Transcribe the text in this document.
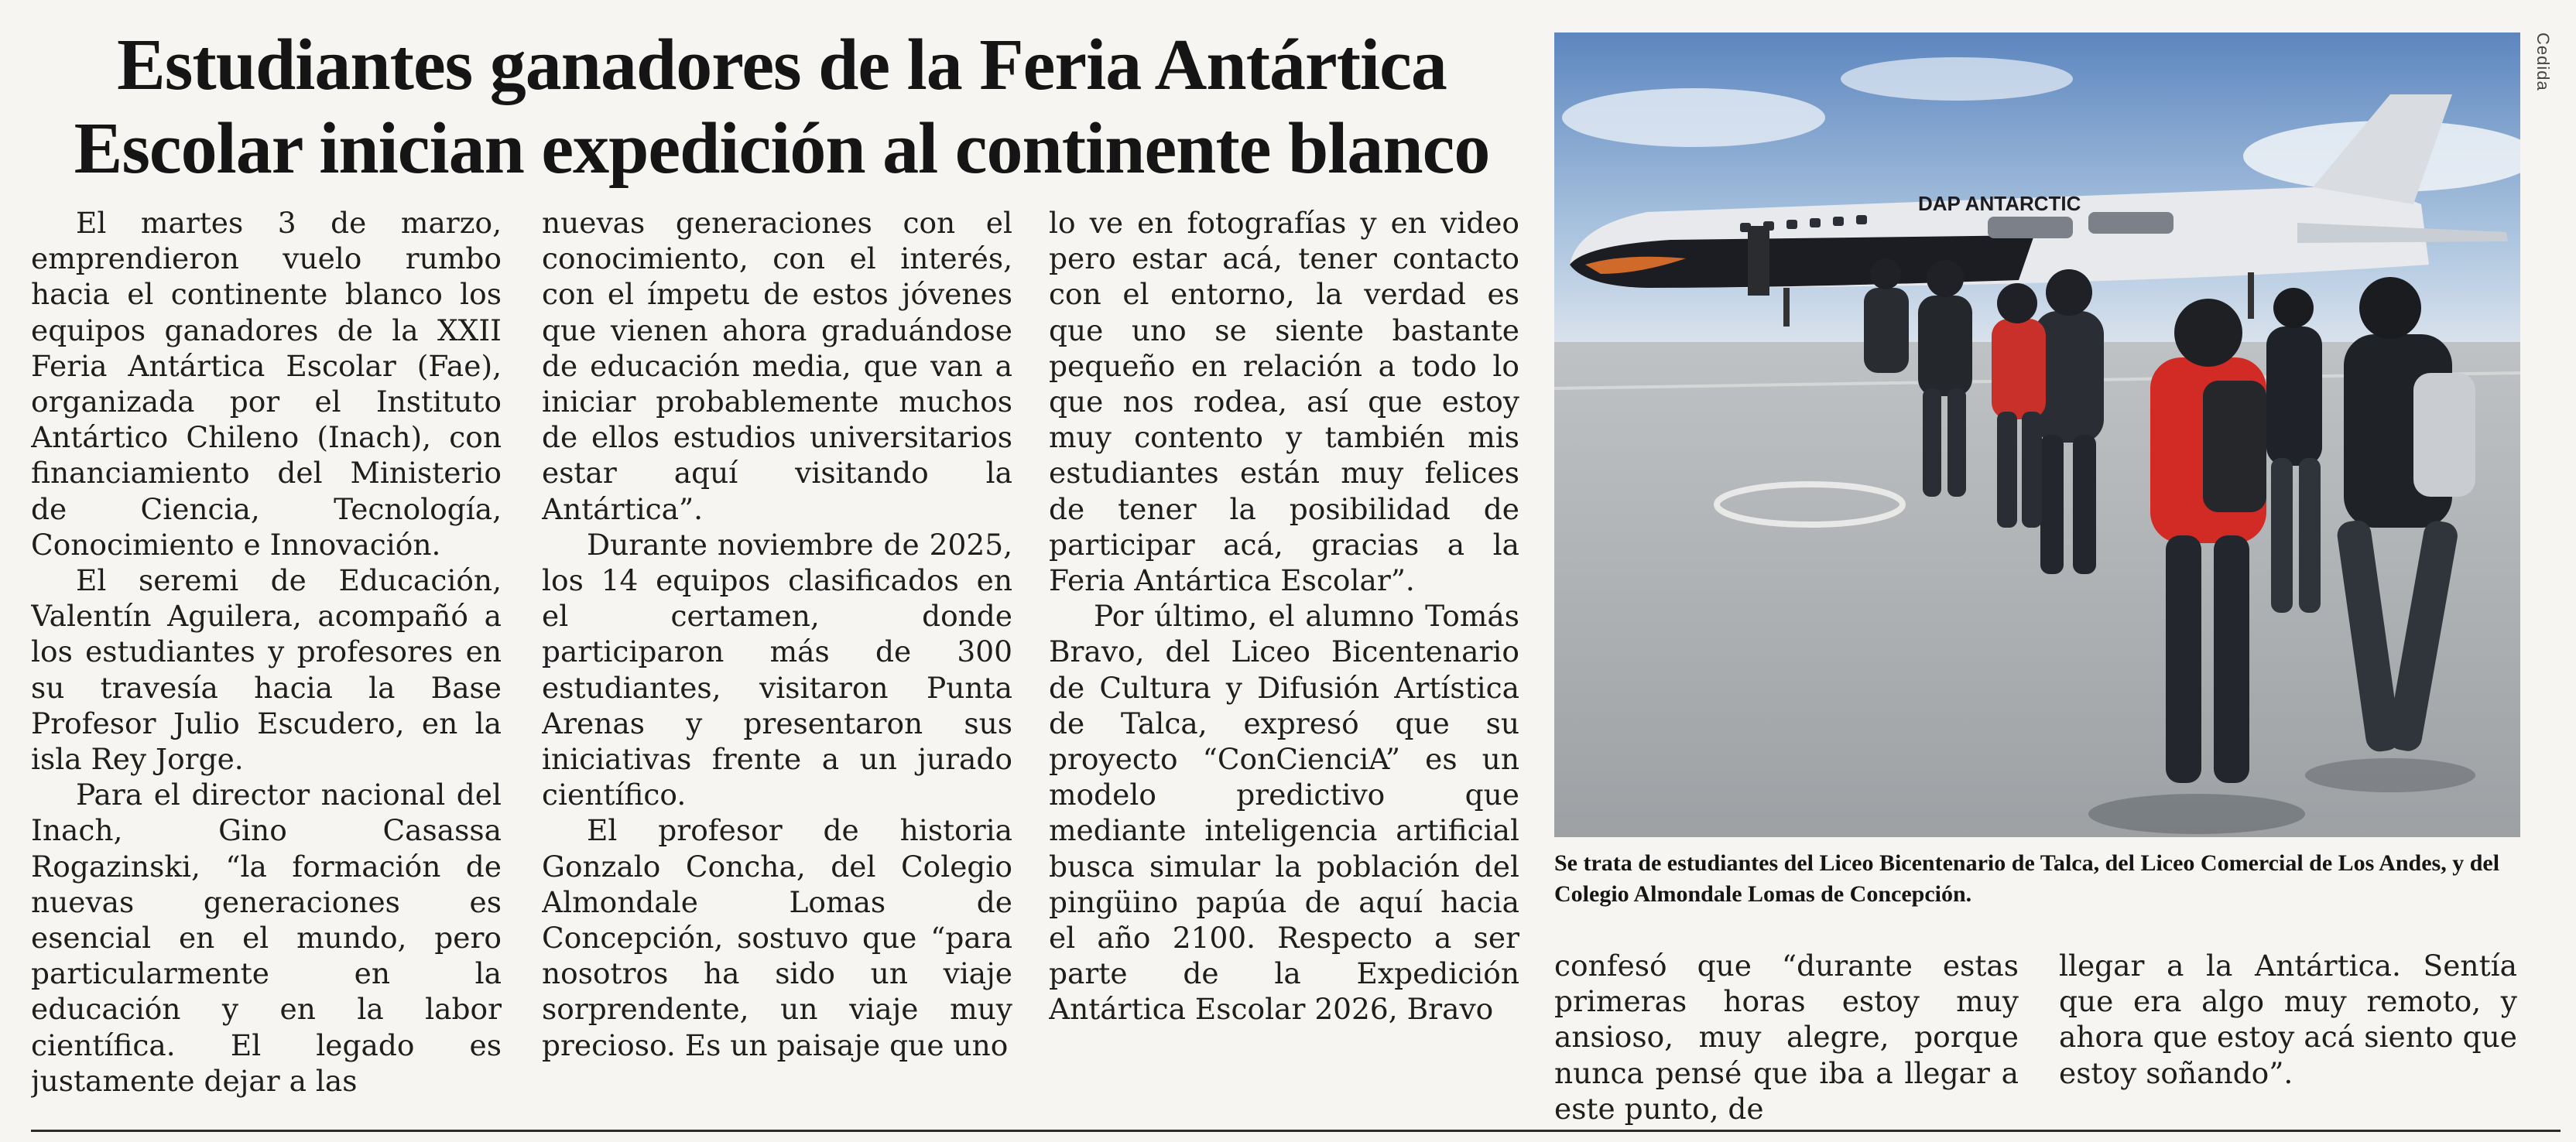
Estudiantes ganadores de la Feria Antártica
Escolar inician expedición al continente blanco

El martes 3 de marzo, emprendieron vuelo rumbo hacia el continente blanco los equipos ganadores de la XXII Feria Antártica Escolar (Fae), organizada por el Instituto Antártico Chileno (Inach), con financiamiento del Ministerio de Ciencia, Tecnología, Conocimiento e Innovación.

El seremi de Educación, Valentín Aguilera, acompañó a los estudiantes y profesores en su travesía hacia la Base Profesor Julio Escudero, en la isla Rey Jorge.

Para el director nacional del Inach, Gino Casassa Rogazinski, “la formación de nuevas generaciones es esencial en el mundo, pero particularmente en la educación y en la labor científica. El legado es justamente dejar a las

nuevas generaciones con el conocimiento, con el interés, con el ímpetu de estos jóvenes que vienen ahora graduándose de educación media, que van a iniciar probablemente muchos de ellos estudios universitarios estar aquí visitando la Antártica”.

Durante noviembre de 2025, los 14 equipos clasificados en el certamen, donde participaron más de 300 estudiantes, visitaron Punta Arenas y presentaron sus iniciativas frente a un jurado científico.

El profesor de historia Gonzalo Concha, del Colegio Almondale Lomas de Concepción, sostuvo que “para nosotros ha sido un viaje sorprendente, un viaje muy precioso. Es un paisaje que uno

lo ve en fotografías y en video pero estar acá, tener contacto con el entorno, la verdad es que uno se siente bastante pequeño en relación a todo lo que nos rodea, así que estoy muy contento y también mis estudiantes están muy felices de tener la posibilidad de participar acá, gracias a la Feria Antártica Escolar”.

Por último, el alumno Tomás Bravo, del Liceo Bicentenario de Cultura y Difusión Artística de Talca, expresó que su proyecto “ConCienciA” es un modelo predictivo que mediante inteligencia artificial busca simular la población del pingüino papúa de aquí hacia el año 2100. Respecto a ser parte de la Expedición Antártica Escolar 2026, Bravo

DAP ANTARCTIC
Cedida
Se trata de estudiantes del Liceo Bicentenario de Talca, del Liceo Comercial de Los Andes, y del Colegio Almondale Lomas de Concepción.

confesó que “durante estas primeras horas estoy muy ansioso, muy alegre, porque nunca pensé que iba a llegar a este punto, de

llegar a la Antártica. Sentía que era algo muy remoto, y ahora que estoy acá siento que estoy soñando”.
